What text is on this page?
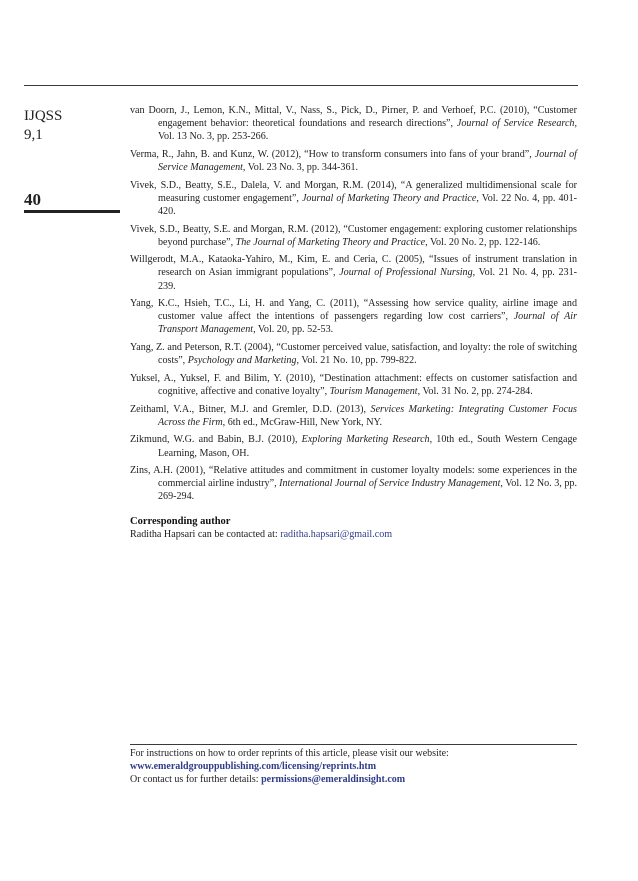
IJQSS
9,1
40
van Doorn, J., Lemon, K.N., Mittal, V., Nass, S., Pick, D., Pirner, P. and Verhoef, P.C. (2010), “Customer engagement behavior: theoretical foundations and research directions”, Journal of Service Research, Vol. 13 No. 3, pp. 253-266.
Verma, R., Jahn, B. and Kunz, W. (2012), “How to transform consumers into fans of your brand”, Journal of Service Management, Vol. 23 No. 3, pp. 344-361.
Vivek, S.D., Beatty, S.E., Dalela, V. and Morgan, R.M. (2014), “A generalized multidimensional scale for measuring customer engagement”, Journal of Marketing Theory and Practice, Vol. 22 No. 4, pp. 401-420.
Vivek, S.D., Beatty, S.E. and Morgan, R.M. (2012), “Customer engagement: exploring customer relationships beyond purchase”, The Journal of Marketing Theory and Practice, Vol. 20 No. 2, pp. 122-146.
Willgerodt, M.A., Kataoka-Yahiro, M., Kim, E. and Ceria, C. (2005), “Issues of instrument translation in research on Asian immigrant populations”, Journal of Professional Nursing, Vol. 21 No. 4, pp. 231-239.
Yang, K.C., Hsieh, T.C., Li, H. and Yang, C. (2011), “Assessing how service quality, airline image and customer value affect the intentions of passengers regarding low cost carriers”, Journal of Air Transport Management, Vol. 20, pp. 52-53.
Yang, Z. and Peterson, R.T. (2004), “Customer perceived value, satisfaction, and loyalty: the role of switching costs”, Psychology and Marketing, Vol. 21 No. 10, pp. 799-822.
Yuksel, A., Yuksel, F. and Bilim, Y. (2010), “Destination attachment: effects on customer satisfaction and cognitive, affective and conative loyalty”, Tourism Management, Vol. 31 No. 2, pp. 274-284.
Zeithaml, V.A., Bitner, M.J. and Gremler, D.D. (2013), Services Marketing: Integrating Customer Focus Across the Firm, 6th ed., McGraw-Hill, New York, NY.
Zikmund, W.G. and Babin, B.J. (2010), Exploring Marketing Research, 10th ed., South Western Cengage Learning, Mason, OH.
Zins, A.H. (2001), “Relative attitudes and commitment in customer loyalty models: some experiences in the commercial airline industry”, International Journal of Service Industry Management, Vol. 12 No. 3, pp. 269-294.
Corresponding author
Raditha Hapsari can be contacted at: raditha.hapsari@gmail.com
For instructions on how to order reprints of this article, please visit our website:
www.emeraldgrouppublishing.com/licensing/reprints.htm
Or contact us for further details: permissions@emeraldinsight.com
